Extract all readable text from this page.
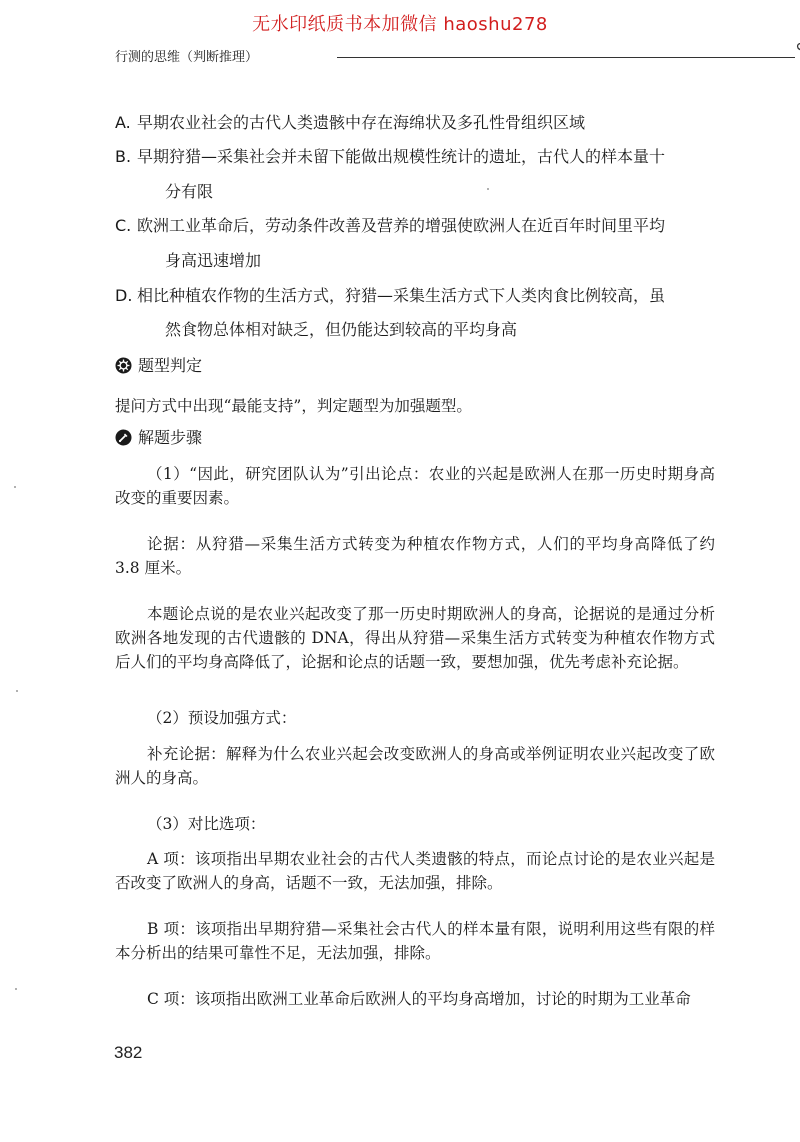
无水印纸质书本加微信 haoshu278
行测的思维（判断推理）
A. 早期农业社会的古代人类遗骸中存在海绵状及多孔性骨组织区域
B. 早期狩猎—采集社会并未留下能做出规模性统计的遗址，古代人的样本量十
分有限
C. 欧洲工业革命后，劳动条件改善及营养的增强使欧洲人在近百年时间里平均
身高迅速增加
D. 相比种植农作物的生活方式，狩猎—采集生活方式下人类肉食比例较高，虽
然食物总体相对缺乏，但仍能达到较高的平均身高
题型判定
提问方式中出现“最能支持”，判定题型为加强题型。
解题步骤
（1）“因此，研究团队认为”引出论点：农业的兴起是欧洲人在那一历史时期身高改变的重要因素。
论据：从狩猎—采集生活方式转变为种植农作物方式，人们的平均身高降低了约 3.8 厘米。
本题论点说的是农业兴起改变了那一历史时期欧洲人的身高，论据说的是通过分析欧洲各地发现的古代遗骸的 DNA，得出从狩猎—采集生活方式转变为种植农作物方式后人们的平均身高降低了，论据和论点的话题一致，要想加强，优先考虑补充论据。
（2）预设加强方式：
补充论据：解释为什么农业兴起会改变欧洲人的身高或举例证明农业兴起改变了欧洲人的身高。
（3）对比选项：
A 项：该项指出早期农业社会的古代人类遗骸的特点，而论点讨论的是农业兴起是否改变了欧洲人的身高，话题不一致，无法加强，排除。
B 项：该项指出早期狩猎—采集社会古代人的样本量有限，说明利用这些有限的样本分析出的结果可靠性不足，无法加强，排除。
C 项：该项指出欧洲工业革命后欧洲人的平均身高增加，讨论的时期为工业革命
382
